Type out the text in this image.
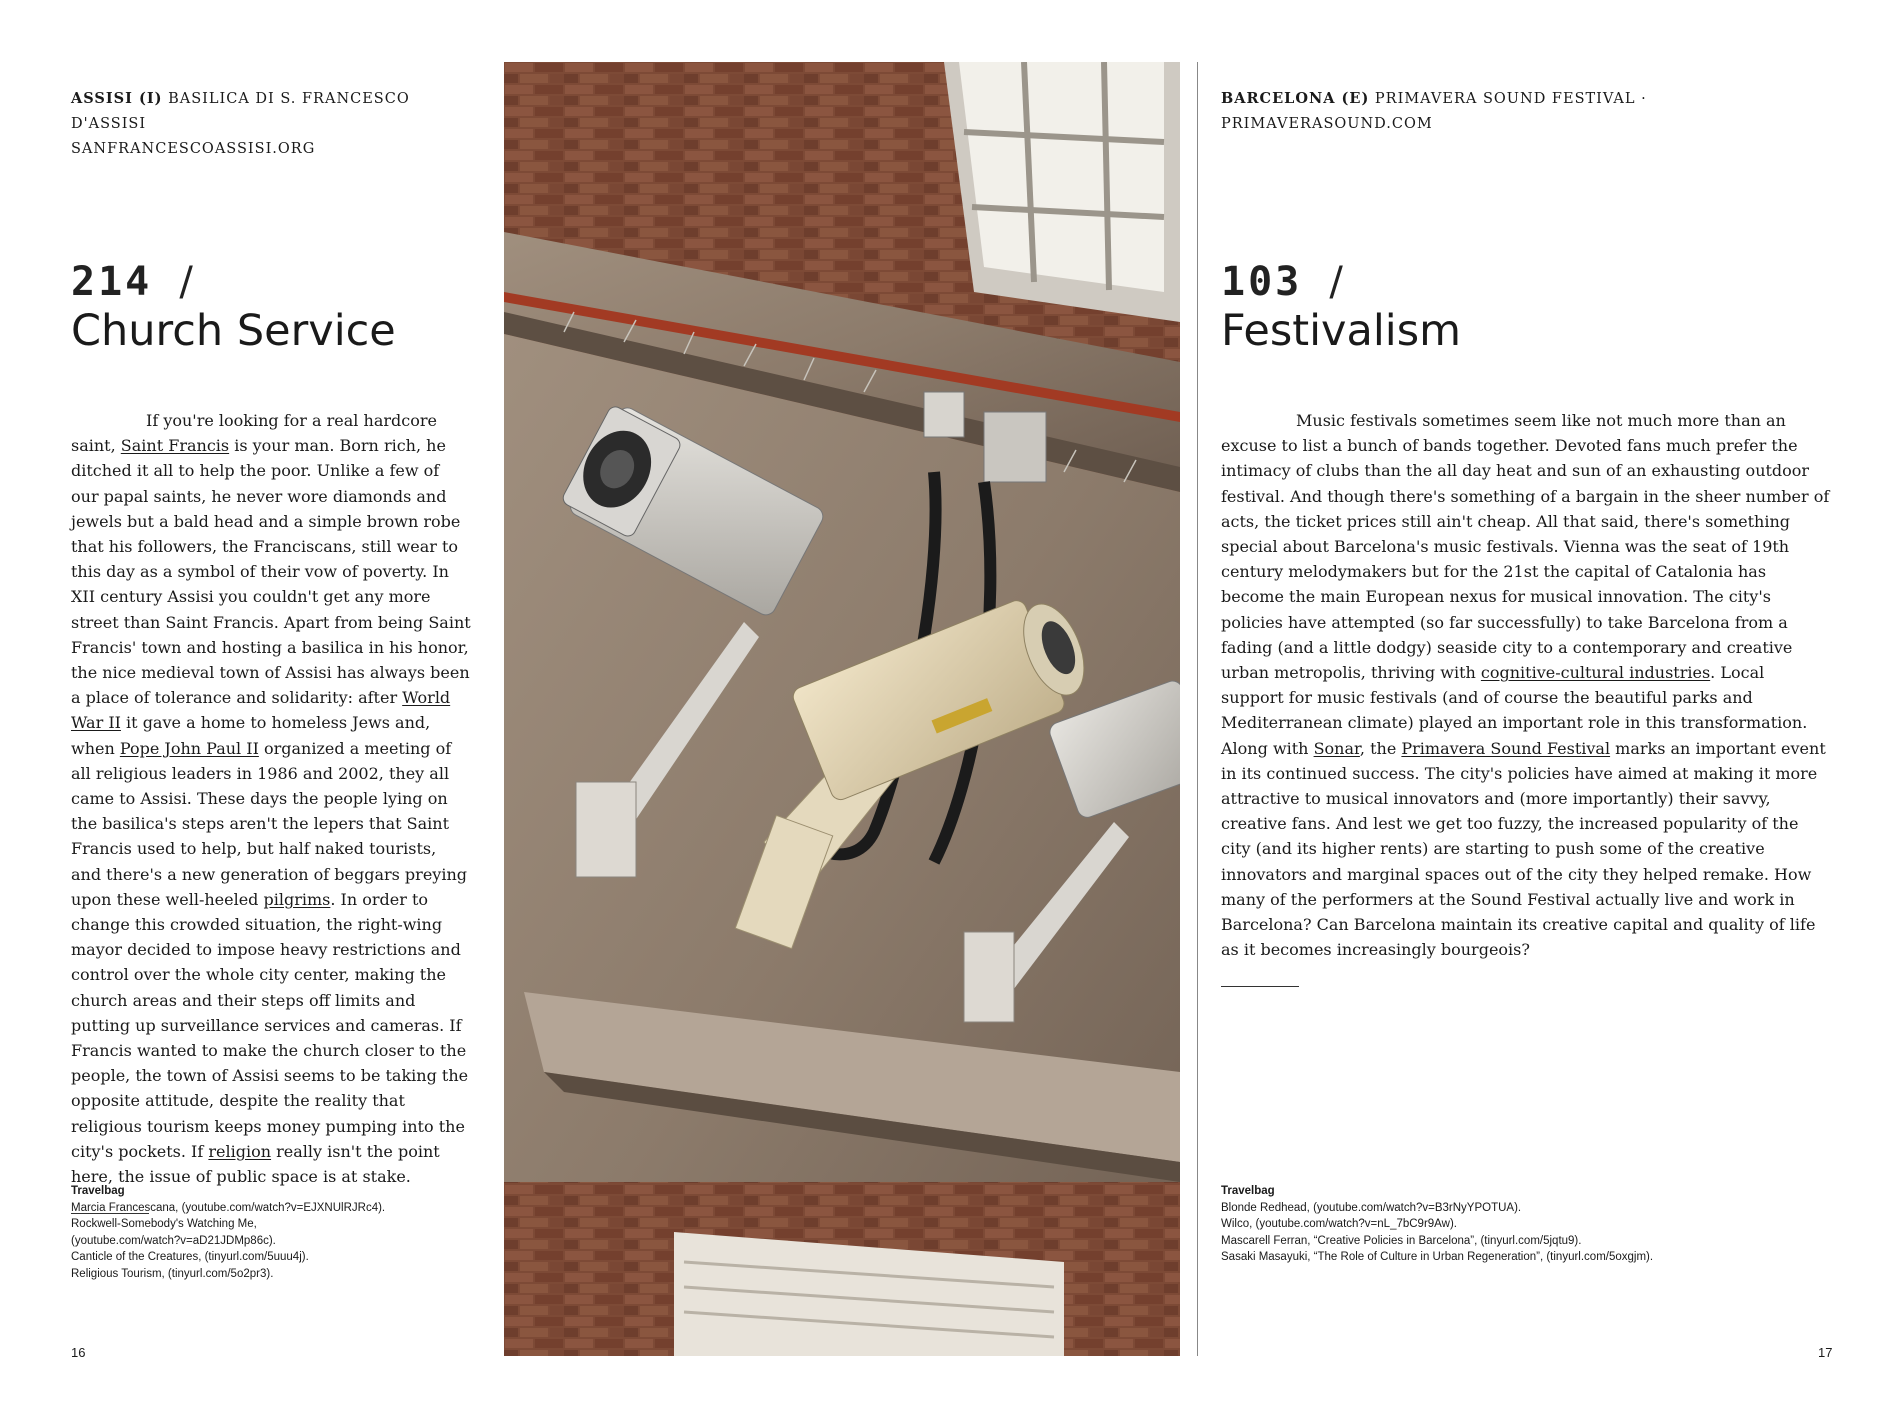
ASSISI (I) BASILICA DI S. FRANCESCO D'ASSISI
SANFRANCESCOASSISI.ORG
214 /
Church Service

If you're looking for a real hardcore saint, Saint Francis is your man. Born rich, he ditched it all to help the poor. Unlike a few of our papal saints, he never wore diamonds and jewels but a bald head and a simple brown robe that his followers, the Franciscans, still wear to this day as a symbol of their vow of poverty. In XII century Assisi you couldn't get any more street than Saint Francis. Apart from being Saint Francis' town and hosting a basilica in his honor, the nice medieval town of Assisi has always been a place of tolerance and solidarity: after World War II it gave a home to homeless Jews and, when Pope John Paul II organized a meeting of all religious leaders in 1986 and 2002, they all came to Assisi. These days the people lying on the basilica's steps aren't the lepers that Saint Francis used to help, but half naked tourists, and there's a new generation of beggars preying upon these well-heeled pilgrims. In order to change this crowded situation, the right-wing mayor decided to impose heavy restrictions and control over the whole city center, making the church areas and their steps off limits and putting up surveillance services and cameras. If Francis wanted to make the church closer to the people, the town of Assisi seems to be taking the opposite attitude, despite the reality that religious tourism keeps money pumping into the city's pockets. If religion really isn't the point here, the issue of public space is at stake.

Travelbag
Marcia Francescana, (youtube.com/watch?v=EJXNUlRJRc4).
Rockwell-Somebody's Watching Me,
(youtube.com/watch?v=aD21JDMp86c).
Canticle of the Creatures, (tinyurl.com/5uuu4j).
Religious Tourism, (tinyurl.com/5o2pr3).
16
BARCELONA (E) PRIMAVERA SOUND FESTIVAL · PRIMAVERASOUND.COM
103 /
Festivalism

Music festivals sometimes seem like not much more than an excuse to list a bunch of bands together. Devoted fans much prefer the intimacy of clubs than the all day heat and sun of an exhausting outdoor festival. And though there's something of a bargain in the sheer number of acts, the ticket prices still ain't cheap. All that said, there's something special about Barcelona's music festivals. Vienna was the seat of 19th century melodymakers but for the 21st the capital of Catalonia has become the main European nexus for musical innovation. The city's policies have attempted (so far successfully) to take Barcelona from a fading (and a little dodgy) seaside city to a contemporary and creative urban metropolis, thriving with cognitive-cultural industries. Local support for music festivals (and of course the beautiful parks and Mediterranean climate) played an important role in this transformation. Along with Sonar, the Primavera Sound Festival marks an important event in its continued success. The city's policies have aimed at making it more attractive to musical innovators and (more importantly) their savvy, creative fans. And lest we get too fuzzy, the increased popularity of the city (and its higher rents) are starting to push some of the creative innovators and marginal spaces out of the city they helped remake. How many of the performers at the Sound Festival actually live and work in Barcelona? Can Barcelona maintain its creative capital and quality of life as it becomes increasingly bourgeois?

Travelbag
Blonde Redhead, (youtube.com/watch?v=B3rNyYPOTUA).
Wilco, (youtube.com/watch?v=nL_7bC9r9Aw).
Mascarell Ferran, “Creative Policies in Barcelona”, (tinyurl.com/5jqtu9).
Sasaki Masayuki, “The Role of Culture in Urban Regeneration”, (tinyurl.com/5oxgjm).
17
